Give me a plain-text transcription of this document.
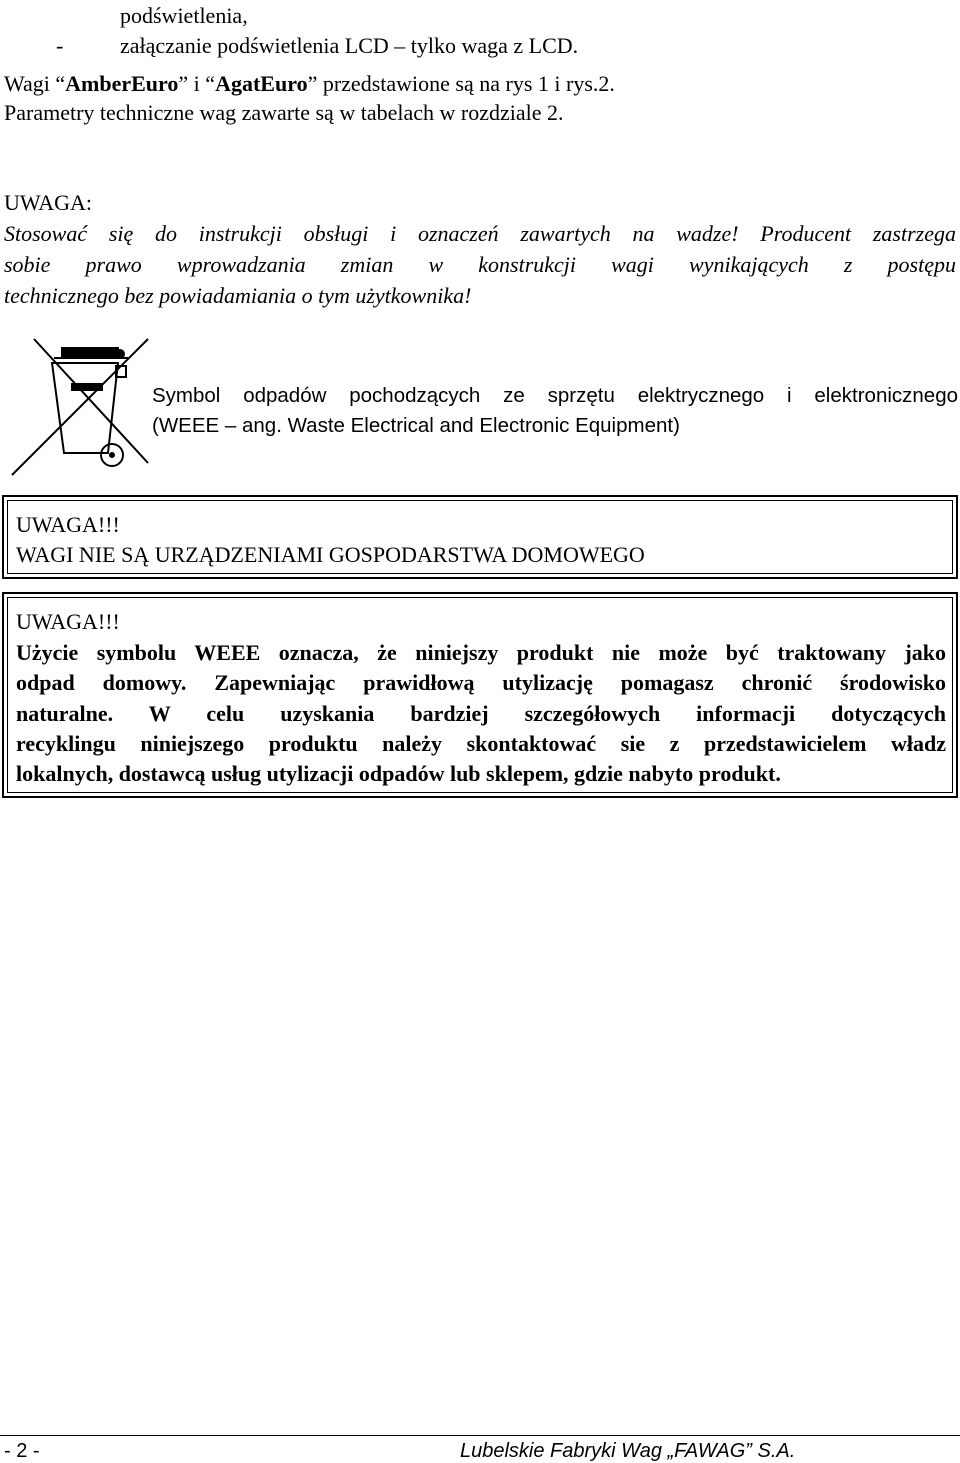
podświetlenia,
-	załączanie podświetlenia LCD – tylko waga z LCD.
Wagi “AmberEuro” i “AgatEuro” przedstawione są na rys 1 i rys.2.
Parametry techniczne wag zawarte są w tabelach w rozdziale 2.
UWAGA:
Stosować się do instrukcji obsługi i oznaczeń zawartych na wadze! Producent zastrzega
sobie prawo wprowadzania zmian w konstrukcji wagi wynikających z postępu
technicznego bez powiadamiania o tym użytkownika!
Symbol odpadów pochodzących ze sprzętu elektrycznego i elektronicznego
(WEEE – ang. Waste Electrical and Electronic Equipment)
UWAGA!!!
WAGI NIE SĄ URZĄDZENIAMI GOSPODARSTWA DOMOWEGO
UWAGA!!!
Użycie symbolu WEEE oznacza, że niniejszy produkt nie może być traktowany jako
odpad domowy. Zapewniając prawidłową utylizację pomagasz chronić środowisko
naturalne. W celu uzyskania bardziej szczegółowych informacji dotyczących
recyklingu niniejszego produktu należy skontaktować sie z przedstawicielem władz
lokalnych, dostawcą usług utylizacji odpadów lub sklepem, gdzie nabyto produkt.
- 2 -	Lubelskie Fabryki Wag „FAWAG” S.A.
